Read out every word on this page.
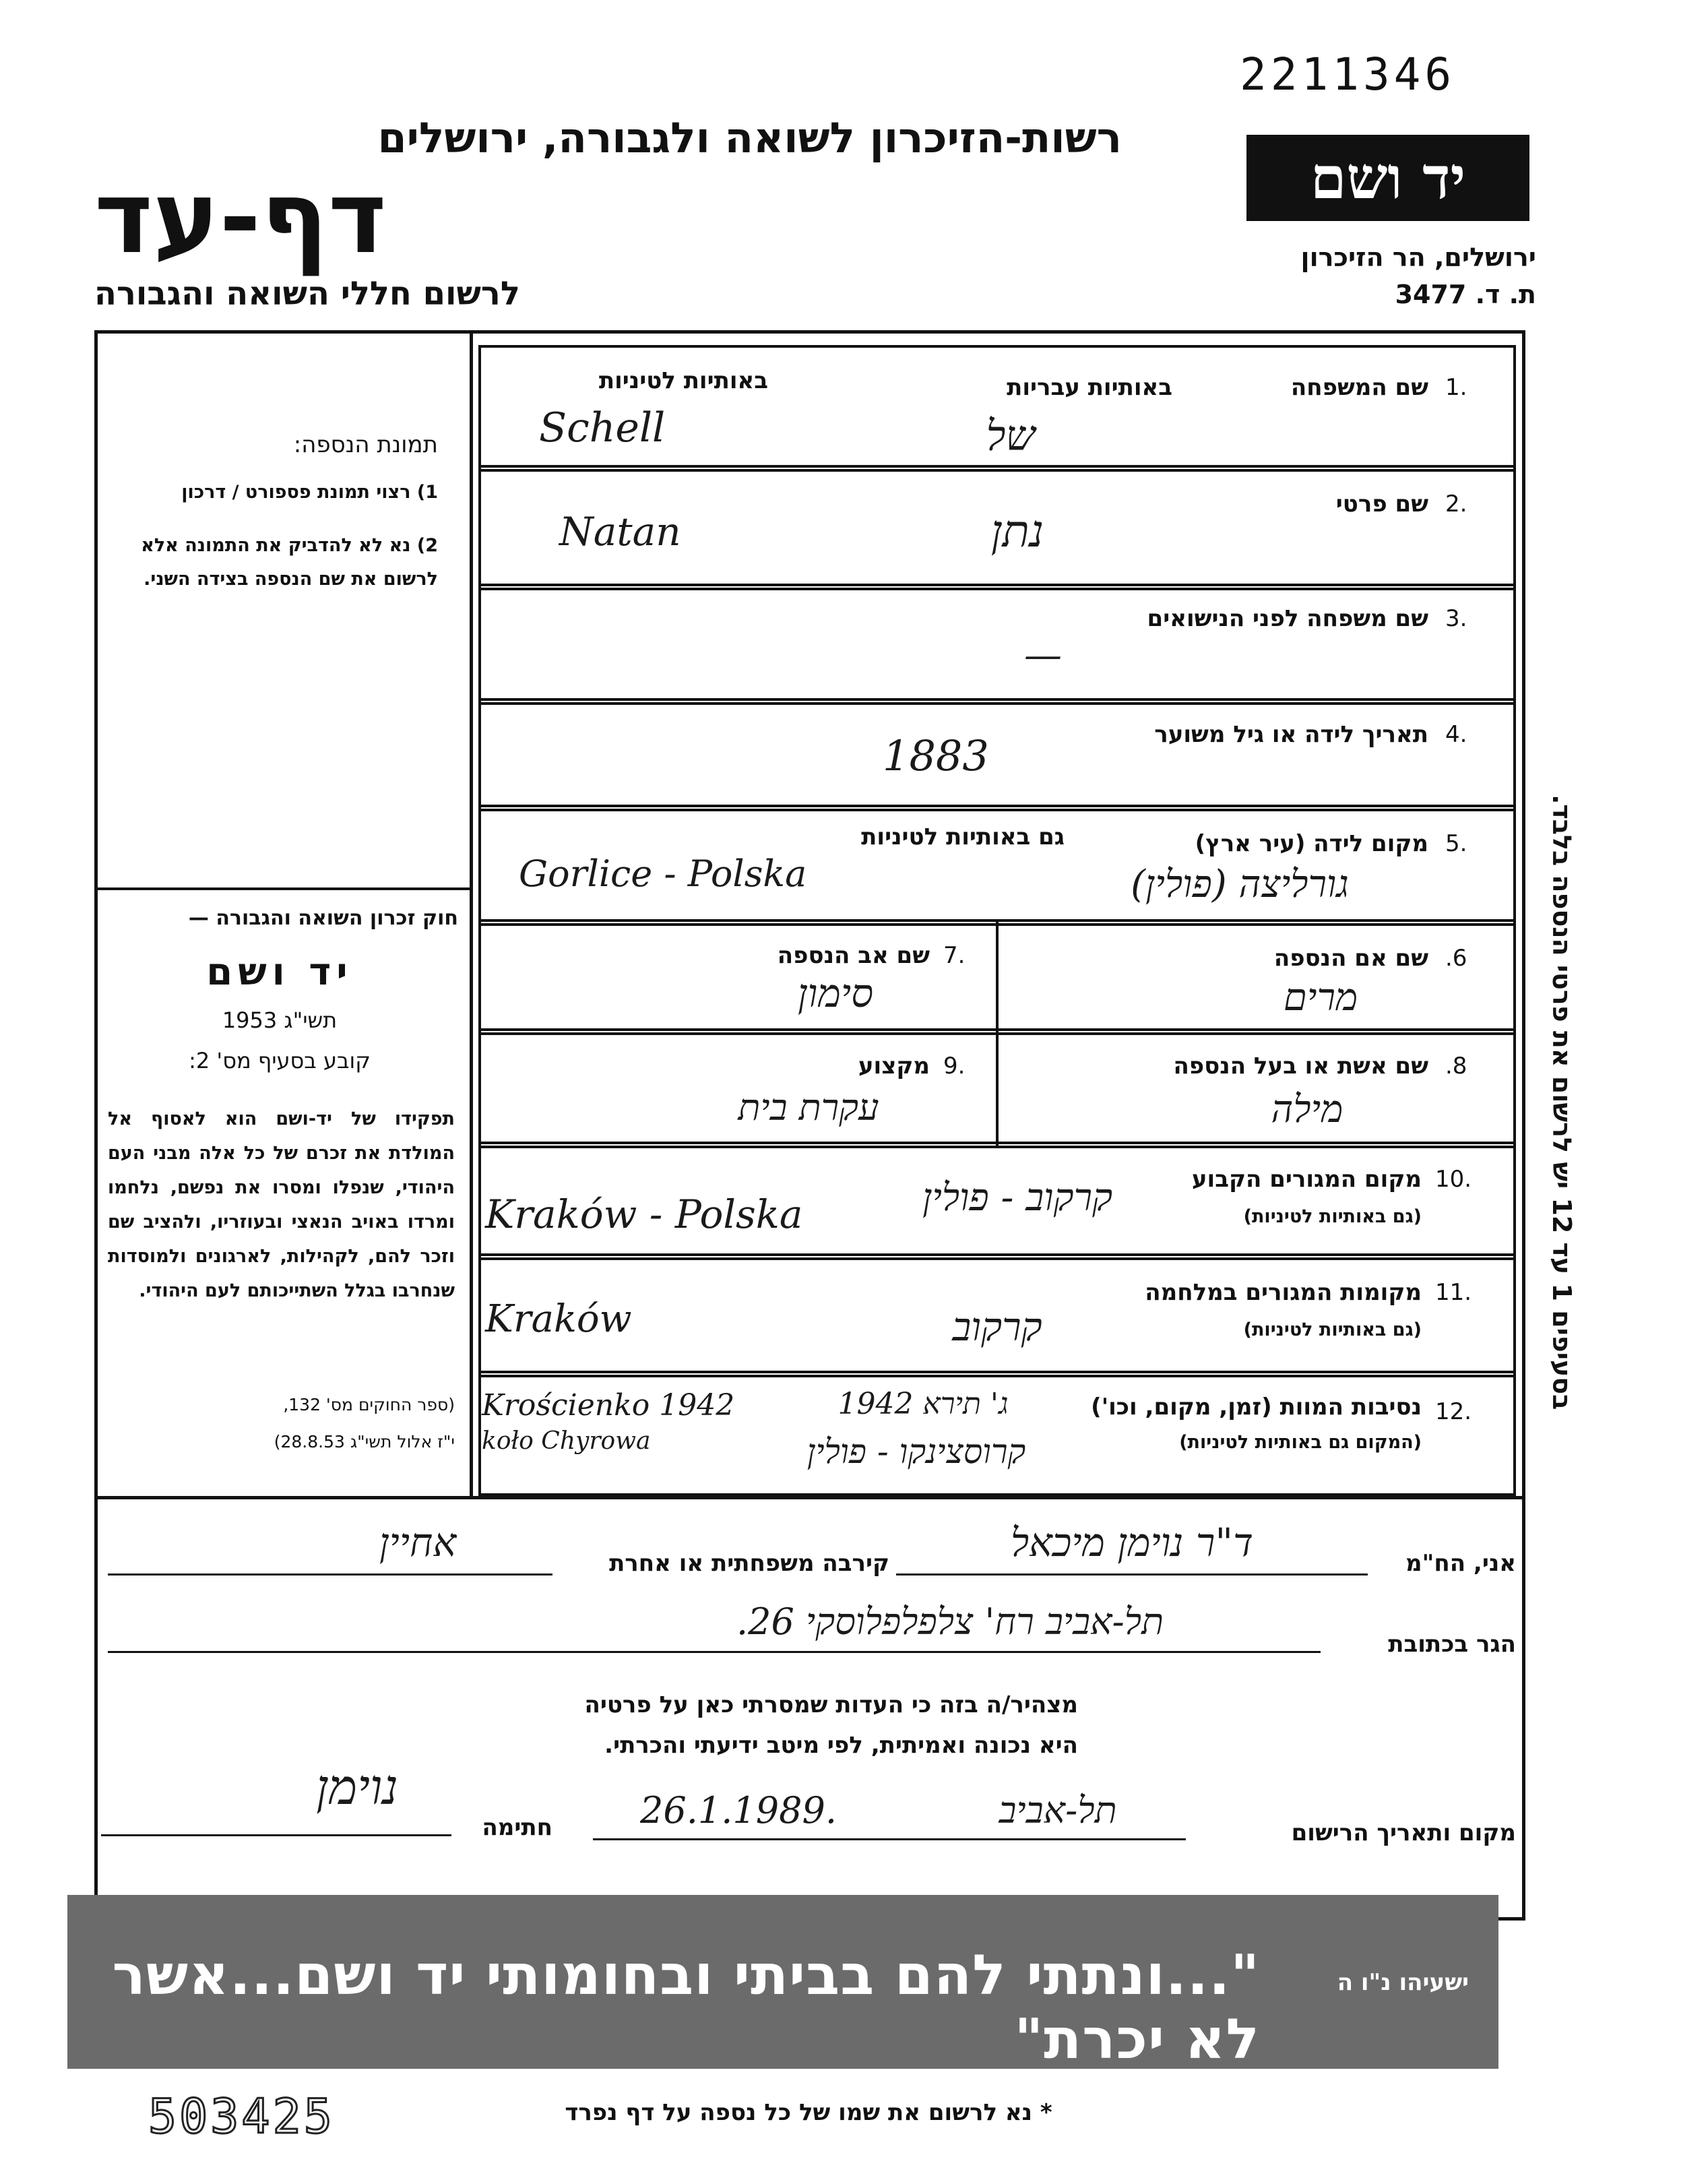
2211346
רשות-הזיכרון לשואה ולגבורה, ירושלים
דף-עד
לרשום חללי השואה והגבורה
יד ושם
ירושלים, הר הזיכרון
ת. ד. 3477
תמונת הנספה:
1) רצוי תמונת פספורט / דרכון
2) נא לא להדביק את התמונה אלא לרשום את שם הנספה בצידה השני.
חוק זכרון השואה והגבורה —
יד ושם
תשי"ג 1953
קובע בסעיף מס' 2:
תפקידו של יד-ושם הוא לאסוף אל המולדת את זכרם של כל אלה מבני העם היהודי, שנפלו ומסרו את נפשם, נלחמו ומרדו באויב הנאצי ובעוזריו, ולהציב שם וזכר להם, לקהילות, לארגונים ולמוסדות שנחרבו בגלל השתייכותם לעם היהודי.
(ספר החוקים מס' 132,
י"ז אלול תשי"ג 28.8.53)
1.
שם המשפחה
באותיות עבריות
באותיות לטיניות
Schell	של
2.
שם פרטי
Natan	נתן
3.
שם משפחה לפני הנישואים
—
4.
תאריך לידה או גיל משוער
1883
5.
מקום לידה (עיר ארץ)
גם באותיות לטיניות
Gorlice - Polska	גורליצה (פולין)
.6
שם אם הנספה
מרים
7.
שם אב הנספה
סימון
.8
שם אשת או בעל הנספה
מילה
9.
מקצוע
עקרת בית
10.
מקום המגורים הקבוע
(גם באותיות לטיניות)
Kraków - Polska	קרקוב - פולין
11.
מקומות המגורים במלחמה
(גם באותיות לטיניות)
Kraków	קרקוב
12.
נסיבות המוות (זמן, מקום, וכו')
(המקום גם באותיות לטיניות)
Krościenko 1942
koło Chyrowa
ג' תירא 1942
קרוסצינקו - פולין
בסעיפים 1 עד 12 יש לרשום את פרטי הנספה בלבד.
אני, הח"מ
ד"ר נוימן מיכאל
קירבה משפחתית או אחרת
אחיין
הגר בכתובת
תל-אביב רח' צלפלפלוסקי 26.
מצהיר/ה בזה כי העדות שמסרתי כאן על פרטיה
היא נכונה ואמיתית, לפי מיטב ידיעתי והכרתי.
מקום ותאריך הרישום
26.1.1989.	תל-אביב
חתימה
נוימן
"...ונתתי להם בביתי ובחומותי יד ושם...אשר לא יכרת"
ישעיהו נ"ו ה
503425	* נא לרשום את שמו של כל נספה על דף נפרד
